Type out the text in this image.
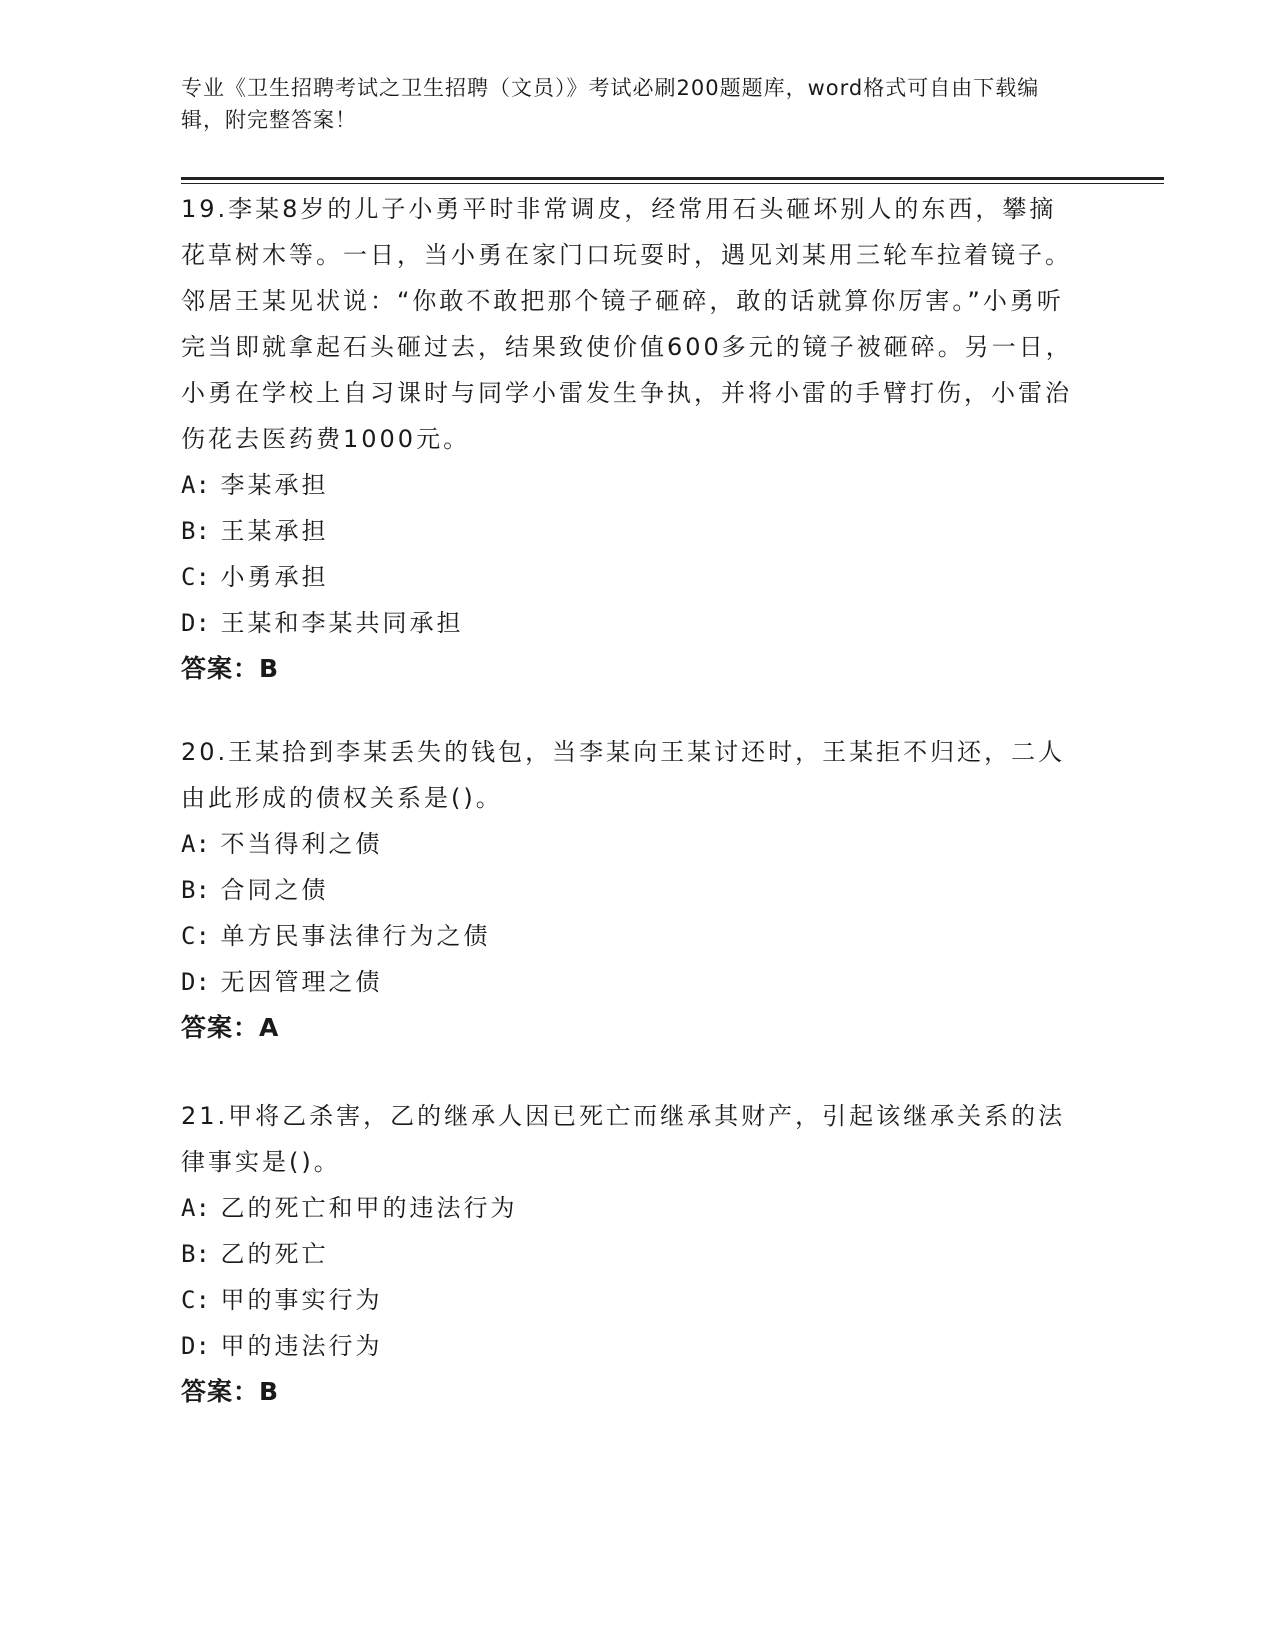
专业《卫生招聘考试之卫生招聘（文员）》考试必刷200题题库，word格式可自由下载编辑，附完整答案！

19.李某8岁的儿子小勇平时非常调皮，经常用石头砸坏别人的东西，攀摘花草树木等。一日，当小勇在家门口玩耍时，遇见刘某用三轮车拉着镜子。邻居王某见状说：“你敢不敢把那个镜子砸碎，敢的话就算你厉害。”小勇听完当即就拿起石头砸过去，结果致使价值600多元的镜子被砸碎。另一日，小勇在学校上自习课时与同学小雷发生争执，并将小雷的手臂打伤，小雷治伤花去医药费1000元。

A: 李某承担

B: 王某承担

C: 小勇承担

D: 王某和李某共同承担

答案：B

20.王某拾到李某丢失的钱包，当李某向王某讨还时，王某拒不归还，二人由此形成的债权关系是()。

A: 不当得利之债

B: 合同之债

C: 单方民事法律行为之债

D: 无因管理之债

答案：A

21.甲将乙杀害，乙的继承人因已死亡而继承其财产，引起该继承关系的法律事实是()。

A: 乙的死亡和甲的违法行为

B: 乙的死亡

C: 甲的事实行为

D: 甲的违法行为

答案：B
